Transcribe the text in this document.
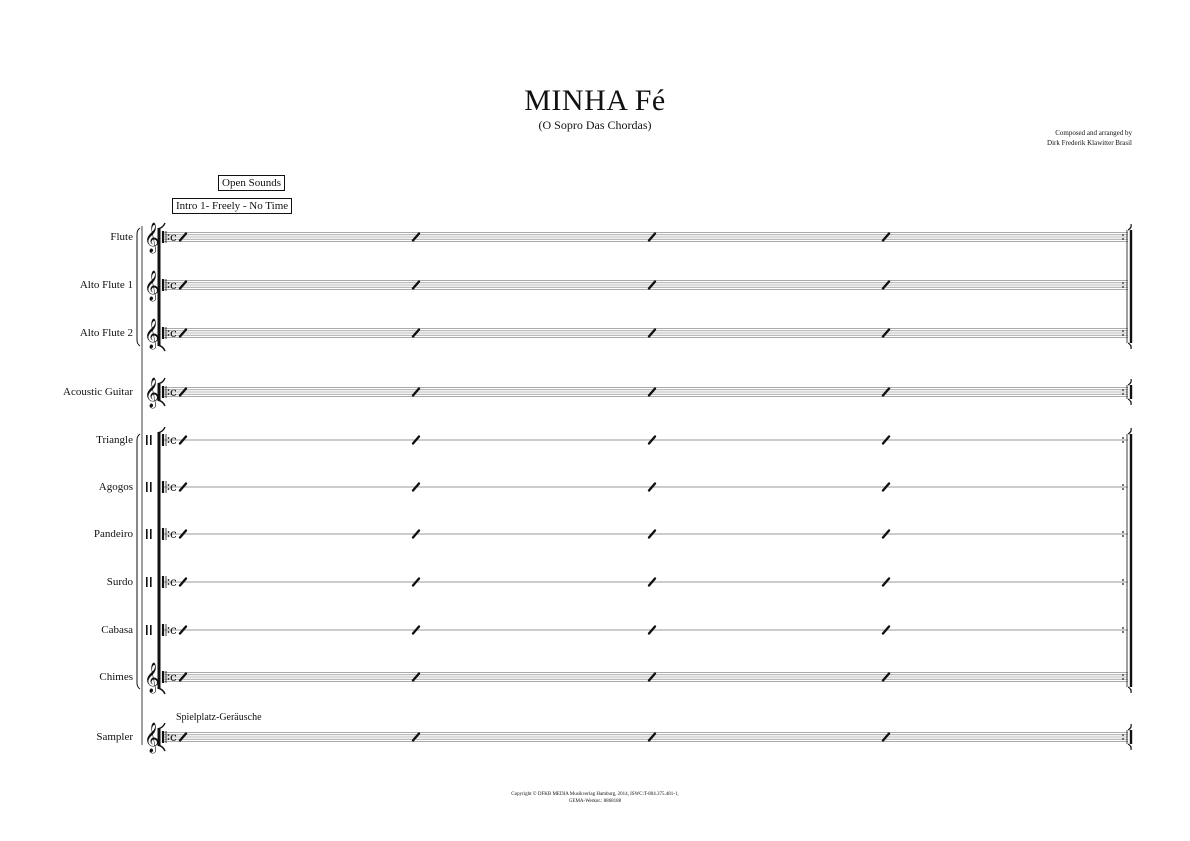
MINHA Fé
(O Sopro Das Chordas)
Composed and arranged by
Dirk Frederik Klawitter Brasil
Open Sounds
Intro 1- Freely - No Time
Flute
Alto Flute 1
Alto Flute 2
Acoustic Guitar
Triangle
Agogos
Pandeiro
Surdo
Cabasa
Chimes
Sampler
𝄞 c
𝄞 c
𝄞 c
𝄞 c
c
c
c
c
c
𝄞 c
𝄞 c
Spielplatz-Geräusche
Copyright © DFKB MEDIA Musikverlag Hamburg, 2014, ISWC:T-804.375.481-1,
GEMA-Werknr.: 8868188
